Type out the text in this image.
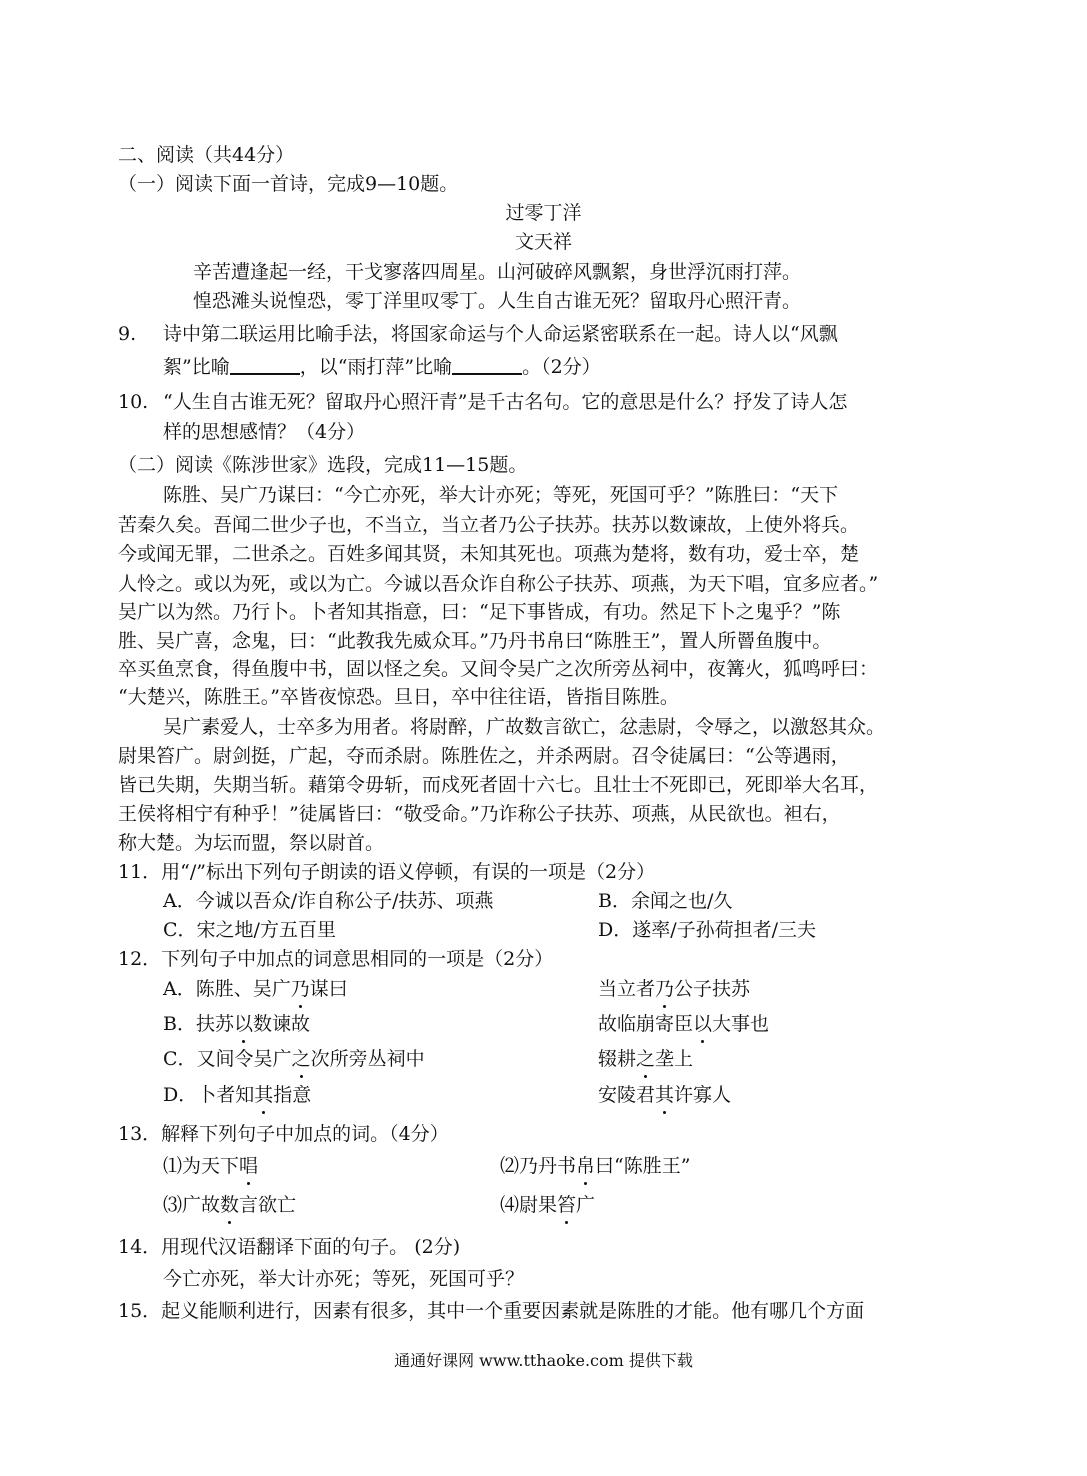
二、阅读（共44分）
（一）阅读下面一首诗，完成9—10题。
过零丁洋
文天祥
辛苦遭逢起一经，干戈寥落四周星。山河破碎风飘絮，身世浮沉雨打萍。
惶恐滩头说惶恐，零丁洋里叹零丁。人生自古谁无死？留取丹心照汗青。
9. 诗中第二联运用比喻手法，将国家命运与个人命运紧密联系在一起。诗人以“风飘
絮”比喻	，以“雨打萍”比喻	。（2分）
10. “人生自古谁无死？留取丹心照汗青”是千古名句。它的意思是什么？抒发了诗人怎
样的思想感情？（4分）
（二）阅读《陈涉世家》选段，完成11—15题。
陈胜、吴广乃谋曰：“今亡亦死，举大计亦死；等死，死国可乎？”陈胜曰：“天下
苦秦久矣。吾闻二世少子也，不当立，当立者乃公子扶苏。扶苏以数谏故，上使外将兵。
今或闻无罪，二世杀之。百姓多闻其贤，未知其死也。项燕为楚将，数有功，爱士卒，楚
人怜之。或以为死，或以为亡。今诚以吾众诈自称公子扶苏、项燕，为天下唱，宜多应者。”
吴广以为然。乃行卜。卜者知其指意，曰：“足下事皆成，有功。然足下卜之鬼乎？”陈
胜、吴广喜，念鬼，曰：“此教我先威众耳。”乃丹书帛曰“陈胜王”，置人所罾鱼腹中。
卒买鱼烹食，得鱼腹中书，固以怪之矣。又间令吴广之次所旁丛祠中，夜篝火，狐鸣呼曰：
“大楚兴，陈胜王。”卒皆夜惊恐。旦日，卒中往往语，皆指目陈胜。
吴广素爱人，士卒多为用者。将尉醉，广故数言欲亡，忿恚尉，令辱之，以激怒其众。
尉果笞广。尉剑挺，广起，夺而杀尉。陈胜佐之，并杀两尉。召令徒属曰：“公等遇雨，
皆已失期，失期当斩。藉第令毋斩，而戍死者固十六七。且壮士不死即已，死即举大名耳，
王侯将相宁有种乎！”徒属皆曰：“敬受命。”乃诈称公子扶苏、项燕，从民欲也。袒右，
称大楚。为坛而盟，祭以尉首。
11．用“/”标出下列句子朗读的语义停顿，有误的一项是（2分）
A．今诚以吾众/诈自称公子/扶苏、项燕	B．余闻之也/久
C．宋之地/方五百里	D．遂率/子孙荷担者/三夫
12．下列句子中加点的词意思相同的一项是（2分）
A．陈胜、吴广乃谋曰	当立者乃公子扶苏
B．扶苏以数谏故	故临崩寄臣以大事也
C．又间令吴广之次所旁丛祠中	辍耕之垄上
D．卜者知其指意	安陵君其许寡人
13．解释下列句子中加点的词。（4分）
⑴为天下唱	⑵乃丹书帛曰“陈胜王”
⑶广故数言欲亡	⑷尉果笞广
14．用现代汉语翻译下面的句子。 (2分)
今亡亦死，举大计亦死；等死，死国可乎？
15．起义能顺利进行，因素有很多，其中一个重要因素就是陈胜的才能。他有哪几个方面
通通好课网 www.tthaoke.com 提供下载
